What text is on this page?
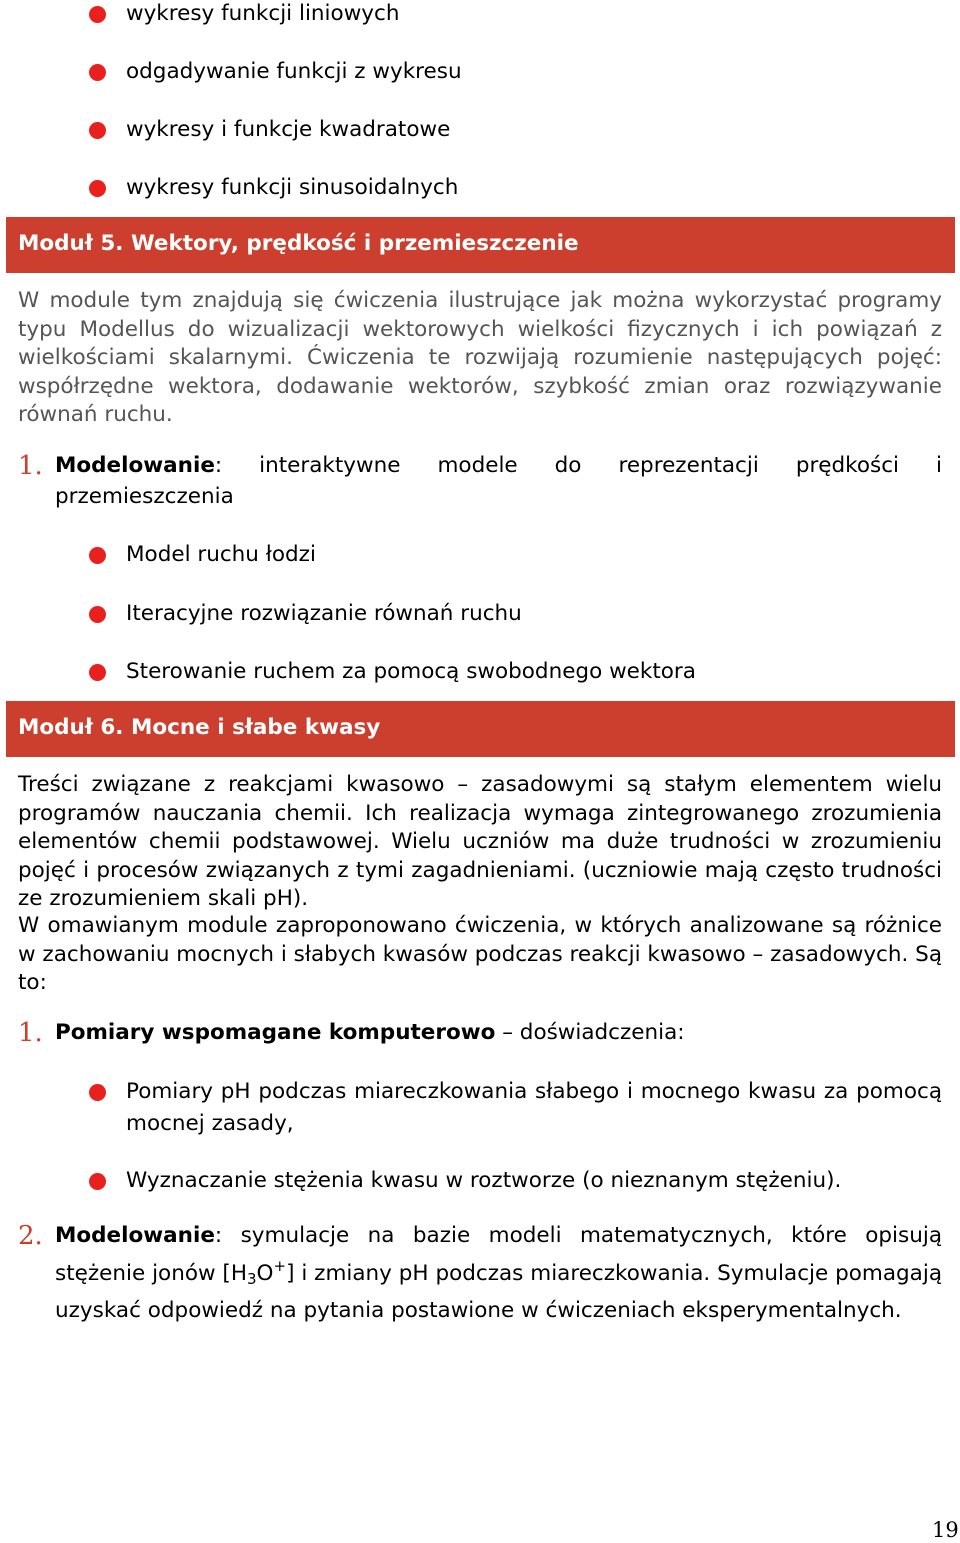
wykresy funkcji liniowych
odgadywanie funkcji z wykresu
wykresy i funkcje kwadratowe
wykresy funkcji sinusoidalnych
Moduł 5. Wektory, prędkość i przemieszczenie

W module tym znajdują się ćwiczenia ilustrujące jak można wykorzystać programy typu Modellus do wizualizacji wektorowych wielkości fizycznych i ich powiązań z wielkościami skalarnymi. Ćwiczenia te rozwijają rozumienie następujących pojęć: współrzędne wektora, dodawanie wektorów, szybkość zmian oraz rozwiązywanie równań ruchu.

1. Modelowanie: interaktywne modele do reprezentacji prędkości i przemieszczenia

Model ruchu łodzi
Iteracyjne rozwiązanie równań ruchu
Sterowanie ruchem za pomocą swobodnego wektora
Moduł 6. Mocne i słabe kwasy

Treści związane z reakcjami kwasowo – zasadowymi są stałym elementem wielu programów nauczania chemii. Ich realizacja wymaga zintegrowanego zrozumienia elementów chemii podstawowej. Wielu uczniów ma duże trudności w zrozumieniu pojęć i procesów związanych z tymi zagadnieniami. (uczniowie mają często trudności ze zrozumieniem skali pH).

W omawianym module zaproponowano ćwiczenia, w których analizowane są różnice w zachowaniu mocnych i słabych kwasów podczas reakcji kwasowo – zasadowych. Są to:

1. Pomiary wspomagane komputerowo – doświadczenia:

Pomiary pH podczas miareczkowania słabego i mocnego kwasu za pomocą mocnej zasady,
Wyznaczanie stężenia kwasu w roztworze (o nieznanym stężeniu).
2. Modelowanie: symulacje na bazie modeli matematycznych, które opisują stężenie jonów $[H_3O^+]$ i zmiany pH podczas miareczkowania. Symulacje pomagają uzyskać odpowiedź na pytania postawione w ćwiczeniach eksperymentalnych.

19
